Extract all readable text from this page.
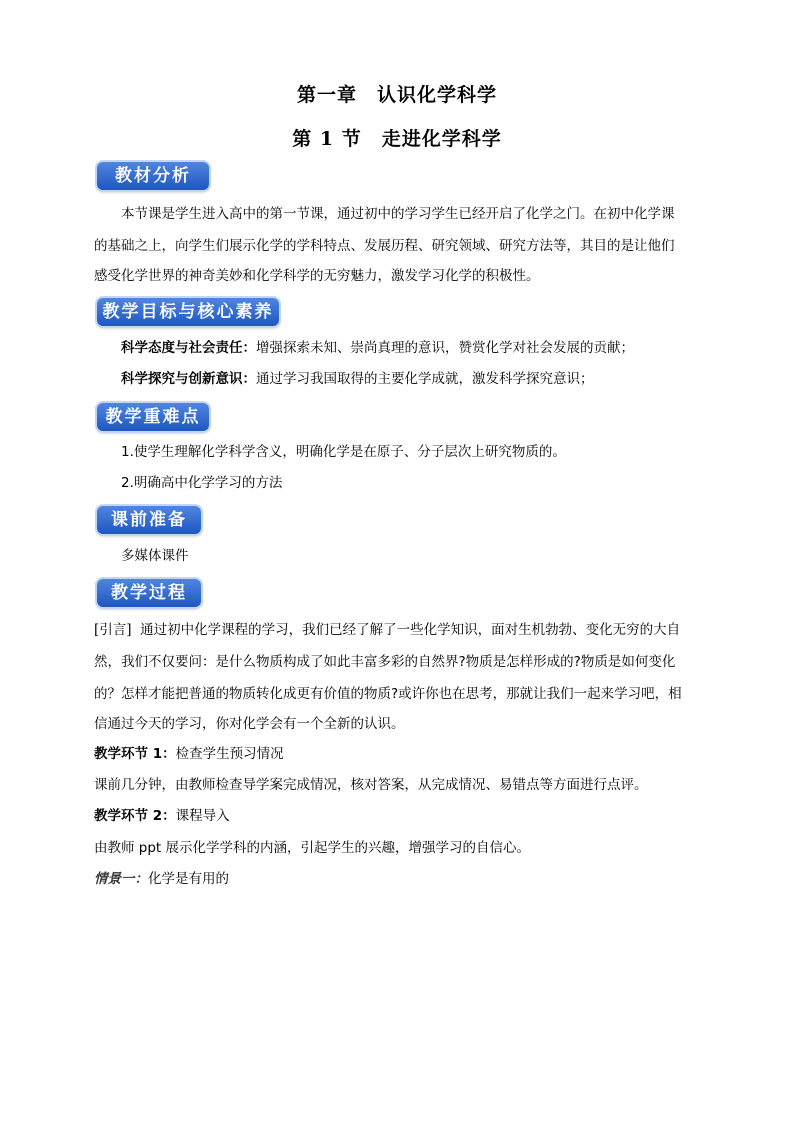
第一章　认识化学科学
第 1 节　走进化学科学
教材分析
本节课是学生进入高中的第一节课，通过初中的学习学生已经开启了化学之门。在初中化学课
的基础之上，向学生们展示化学的学科特点、发展历程、研究领域、研究方法等，其目的是让他们
感受化学世界的神奇美妙和化学科学的无穷魅力，激发学习化学的积极性。
教学目标与核心素养
科学态度与社会责任：增强探索未知、崇尚真理的意识，赞赏化学对社会发展的贡献；
科学探究与创新意识：通过学习我国取得的主要化学成就，激发科学探究意识；
教学重难点
1.使学生理解化学科学含义，明确化学是在原子、分子层次上研究物质的。
2.明确高中化学学习的方法
课前准备
多媒体课件
教学过程
[引言] 通过初中化学课程的学习，我们已经了解了一些化学知识，面对生机勃勃、变化无穷的大自
然，我们不仅要问：是什么物质构成了如此丰富多彩的自然界?物质是怎样形成的?物质是如何变化
的？怎样才能把普通的物质转化成更有价值的物质?或许你也在思考，那就让我们一起来学习吧，相
信通过今天的学习，你对化学会有一个全新的认识。
教学环节 1：检查学生预习情况
课前几分钟，由教师检查导学案完成情况，核对答案，从完成情况、易错点等方面进行点评。
教学环节 2：课程导入
由教师 ppt 展示化学学科的内涵，引起学生的兴趣，增强学习的自信心。
情景一：化学是有用的
